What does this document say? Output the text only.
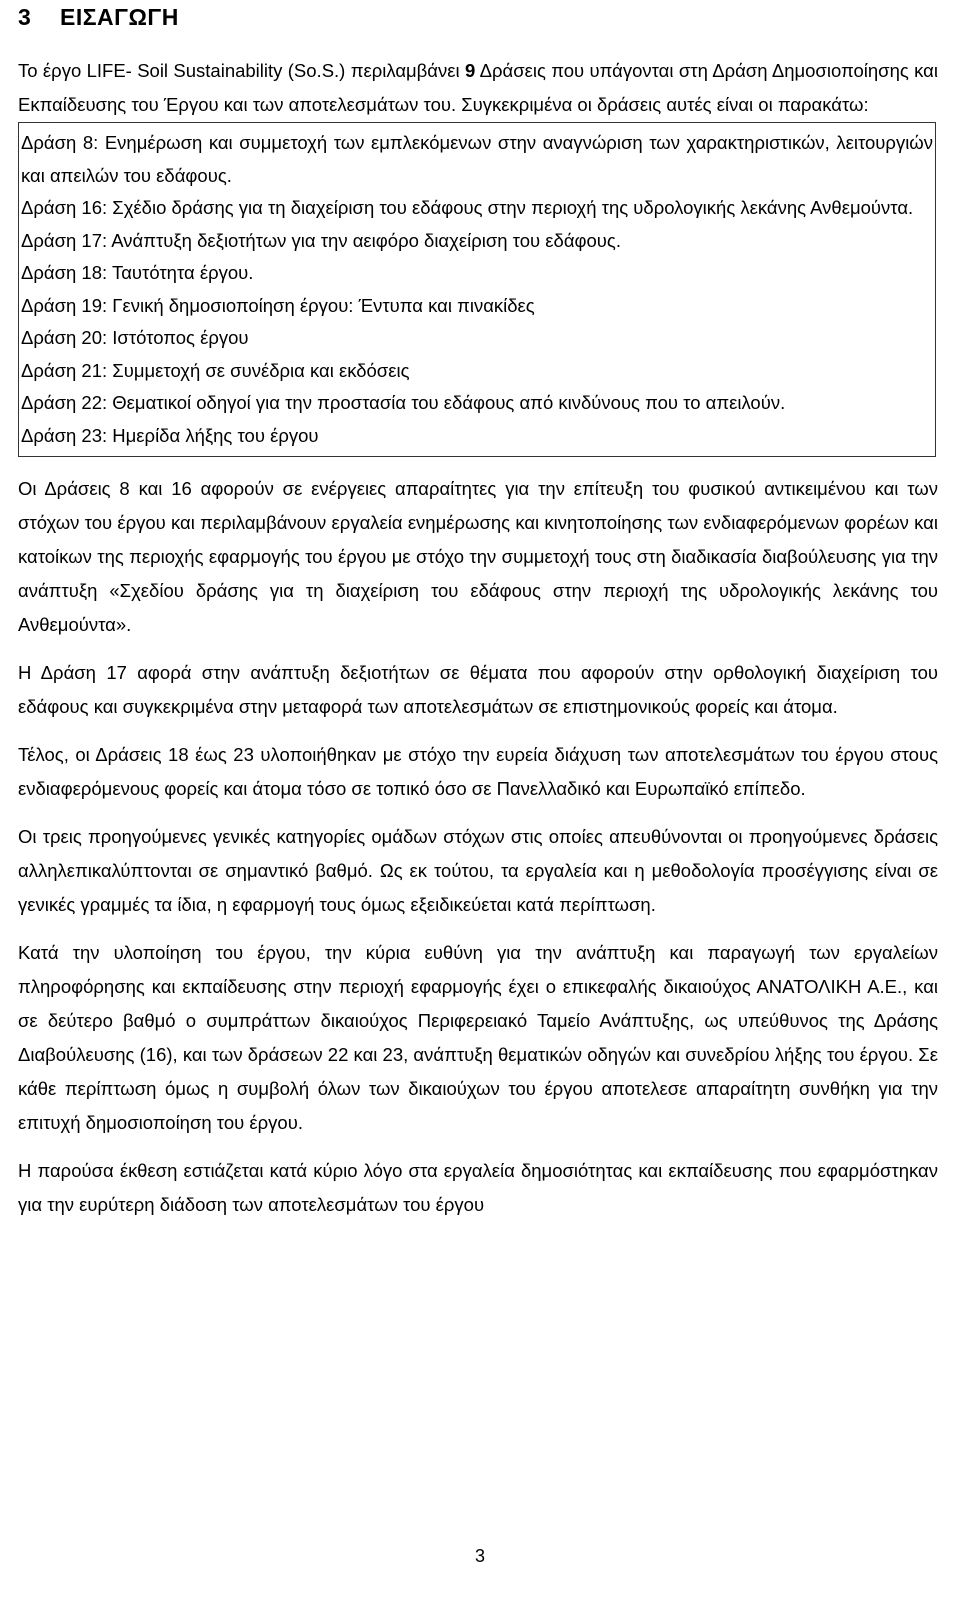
3 ΕΙΣΑΓΩΓΗ

Το έργο LIFE- Soil Sustainability (So.S.) περιλαμβάνει 9 Δράσεις που υπάγονται στη Δράση Δημοσιοποίησης και Εκπαίδευσης του Έργου και των αποτελεσμάτων του. Συγκεκριμένα οι δράσεις αυτές είναι οι παρακάτω:

Δράση 8: Ενημέρωση και συμμετοχή των εμπλεκόμενων στην αναγνώριση των χαρακτηριστικών, λειτουργιών και απειλών του εδάφους.
Δράση 16: Σχέδιο δράσης για τη διαχείριση του εδάφους στην περιοχή της υδρολογικής λεκάνης Ανθεμούντα.
Δράση 17: Ανάπτυξη δεξιοτήτων για την αειφόρο διαχείριση του εδάφους.
Δράση 18: Ταυτότητα έργου.
Δράση 19: Γενική δημοσιοποίηση έργου: Έντυπα και πινακίδες
Δράση 20: Ιστότοπος έργου
Δράση 21: Συμμετοχή σε συνέδρια και εκδόσεις
Δράση 22: Θεματικοί οδηγοί για την προστασία του εδάφους από κινδύνους που το απειλούν.
Δράση 23: Ημερίδα λήξης του έργου

Οι Δράσεις 8 και 16 αφορούν σε ενέργειες απαραίτητες για την επίτευξη του φυσικού αντικειμένου και των στόχων του έργου και περιλαμβάνουν εργαλεία ενημέρωσης και κινητοποίησης των ενδιαφερόμενων φορέων και κατοίκων της περιοχής εφαρμογής του έργου με στόχο την συμμετοχή τους στη διαδικασία διαβούλευσης για την ανάπτυξη «Σχεδίου δράσης για τη διαχείριση του εδάφους στην περιοχή της υδρολογικής λεκάνης του Ανθεμούντα».

Η Δράση 17 αφορά στην ανάπτυξη δεξιοτήτων σε θέματα που αφορούν στην ορθολογική διαχείριση του εδάφους και συγκεκριμένα στην μεταφορά των αποτελεσμάτων σε επιστημονικούς φορείς και άτομα.

Τέλος, οι Δράσεις 18 έως 23 υλοποιήθηκαν με στόχο την ευρεία διάχυση των αποτελεσμάτων του έργου στους ενδιαφερόμενους φορείς και άτομα τόσο σε τοπικό όσο σε Πανελλαδικό και Ευρωπαϊκό επίπεδο.

Οι τρεις προηγούμενες γενικές κατηγορίες ομάδων στόχων στις οποίες απευθύνονται οι προηγούμενες δράσεις αλληλεπικαλύπτονται σε σημαντικό βαθμό. Ως εκ τούτου, τα εργαλεία και η μεθοδολογία προσέγγισης είναι σε γενικές γραμμές τα ίδια, η εφαρμογή τους όμως εξειδικεύεται κατά περίπτωση.

Κατά την υλοποίηση του έργου, την κύρια ευθύνη για την ανάπτυξη και παραγωγή των εργαλείων πληροφόρησης και εκπαίδευσης στην περιοχή εφαρμογής έχει ο επικεφαλής δικαιούχος ΑΝΑΤΟΛΙΚΗ Α.Ε., και σε δεύτερο βαθμό ο συμπράττων δικαιούχος Περιφερειακό Ταμείο Ανάπτυξης, ως υπεύθυνος της Δράσης Διαβούλευσης (16), και των δράσεων 22 και 23, ανάπτυξη θεματικών οδηγών και συνεδρίου λήξης του έργου. Σε κάθε περίπτωση όμως η συμβολή όλων των δικαιούχων του έργου αποτελεσε απαραίτητη συνθήκη για την επιτυχή δημοσιοποίηση του έργου.

Η παρούσα έκθεση εστιάζεται κατά κύριο λόγο στα εργαλεία δημοσιότητας και εκπαίδευσης που εφαρμόστηκαν για την ευρύτερη διάδοση των αποτελεσμάτων του έργου

3
